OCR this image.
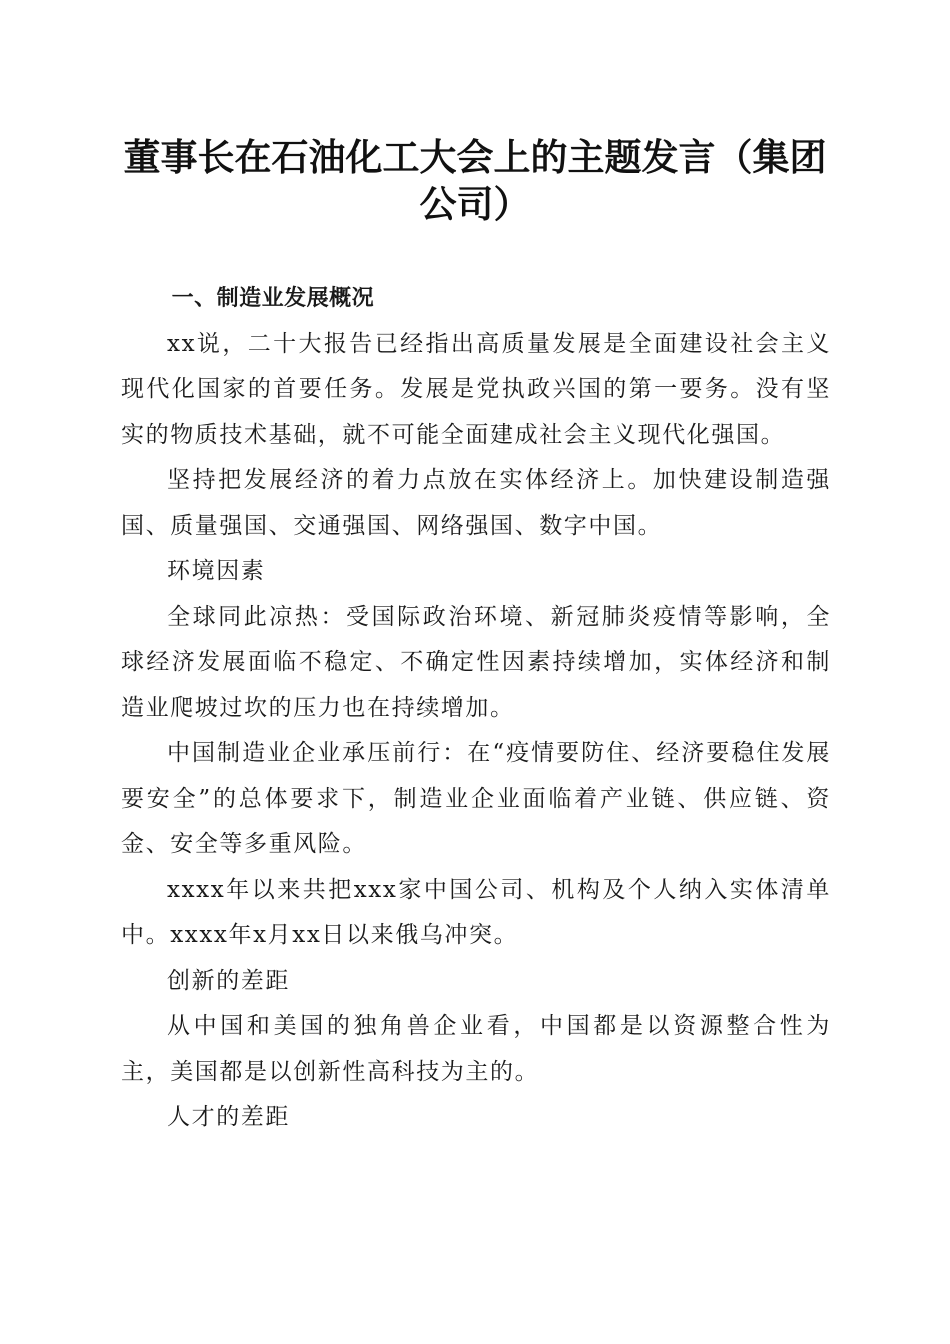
董事长在石油化工大会上的主题发言（集团公司）

一、制造业发展概况

xx说，二十大报告已经指出高质量发展是全面建设社会主义现代化国家的首要任务。发展是党执政兴国的第一要务。没有坚实的物质技术基础，就不可能全面建成社会主义现代化强国。

坚持把发展经济的着力点放在实体经济上。加快建设制造强国、质量强国、交通强国、网络强国、数字中国。

环境因素

全球同此凉热：受国际政治环境、新冠肺炎疫情等影响，全球经济发展面临不稳定、不确定性因素持续增加，实体经济和制造业爬坡过坎的压力也在持续增加。

中国制造业企业承压前行：在“疫情要防住、经济要稳住发展要安全”的总体要求下，制造业企业面临着产业链、供应链、资金、安全等多重风险。

xxxx年以来共把xxx家中国公司、机构及个人纳入实体清单中。xxxx年x月xx日以来俄乌冲突。

创新的差距

从中国和美国的独角兽企业看，中国都是以资源整合性为主，美国都是以创新性高科技为主的。

人才的差距
